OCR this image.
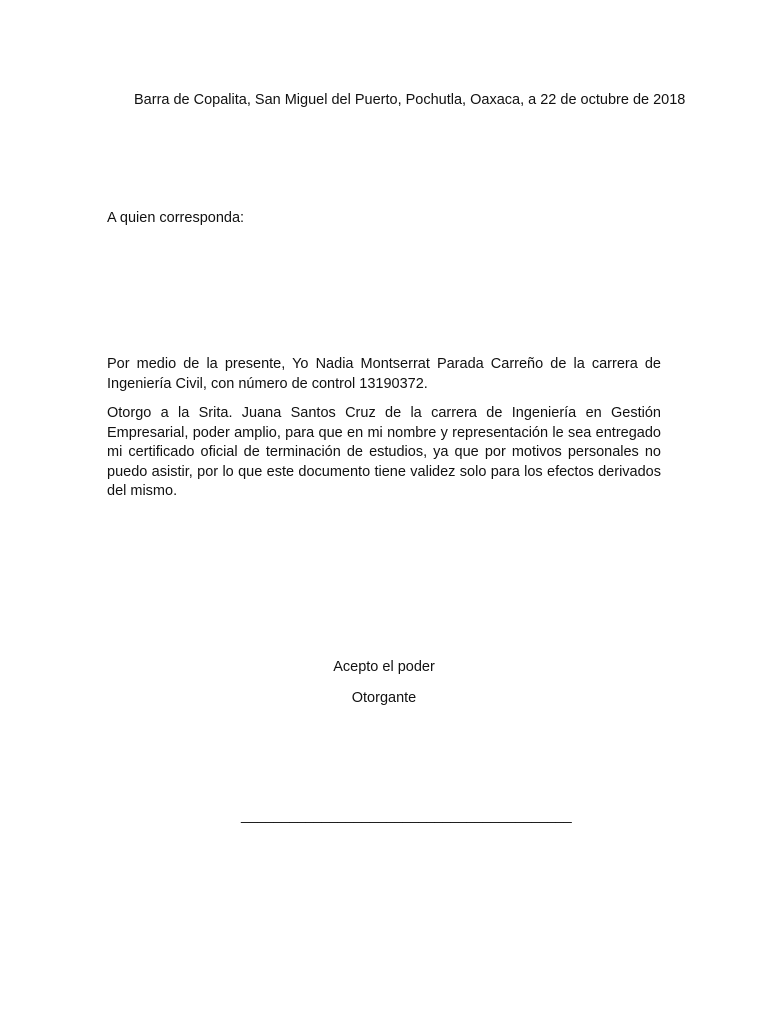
Barra de Copalita, San Miguel del Puerto, Pochutla, Oaxaca, a 22 de octubre de 2018
A quien corresponda:

Por medio de la presente, Yo Nadia Montserrat Parada Carreño de la carrera de Ingeniería Civil, con número de control 13190372.

Otorgo a la Srita. Juana Santos Cruz de la carrera de Ingeniería en Gestión Empresarial, poder amplio, para que en mi nombre y representación le sea entregado mi certificado oficial de terminación de estudios, ya que por motivos personales no puedo asistir, por lo que este documento tiene validez solo para los efectos derivados del mismo.

Acepto el poder
Otorgante
_________________________________________
